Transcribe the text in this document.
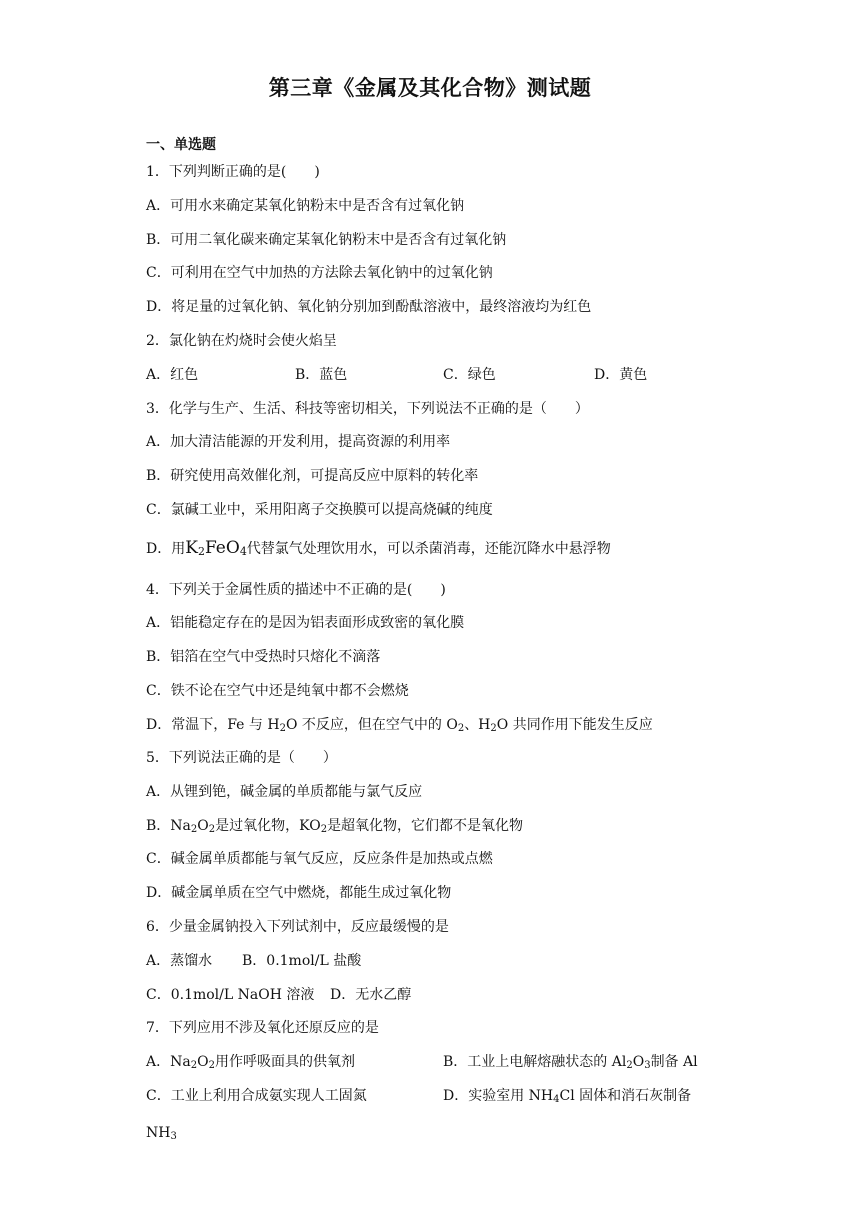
第三章《金属及其化合物》测试题
一、单选题
1．下列判断正确的是(　　)
A．可用水来确定某氧化钠粉末中是否含有过氧化钠
B．可用二氧化碳来确定某氧化钠粉末中是否含有过氧化钠
C．可利用在空气中加热的方法除去氧化钠中的过氧化钠
D．将足量的过氧化钠、氧化钠分别加到酚酞溶液中，最终溶液均为红色
2．氯化钠在灼烧时会使火焰呈
A．红色	B．蓝色	C．绿色	D．黄色
3．化学与生产、生活、科技等密切相关，下列说法不正确的是（　　）
A．加大清洁能源的开发利用，提高资源的利用率
B．研究使用高效催化剂，可提高反应中原料的转化率
C．氯碱工业中，采用阳离子交换膜可以提高烧碱的纯度
D．用$K_2FeO_4$代替氯气处理饮用水，可以杀菌消毒，还能沉降水中悬浮物
4．下列关于金属性质的描述中不正确的是(　　)
A．铝能稳定存在的是因为铝表面形成致密的氧化膜
B．铝箔在空气中受热时只熔化不滴落
C．铁不论在空气中还是纯氧中都不会燃烧
D．常温下，Fe 与 $H_2O$ 不反应，但在空气中的 $O_2$、$H_2O$ 共同作用下能发生反应
5．下列说法正确的是（　　）
A．从锂到铯，碱金属的单质都能与氯气反应
B．$Na_2O_2$是过氧化物，$KO_2$是超氧化物，它们都不是氧化物
C．碱金属单质都能与氧气反应，反应条件是加热或点燃
D．碱金属单质在空气中燃烧，都能生成过氧化物
6．少量金属钠投入下列试剂中，反应最缓慢的是
A．蒸馏水 B．0.1mol/L 盐酸
C．0.1mol/L NaOH 溶液 D．无水乙醇
7．下列应用不涉及氧化还原反应的是
A．$Na_2O_2$用作呼吸面具的供氧剂	B．工业上电解熔融状态的 $Al_2O_3$制备 Al
C．工业上利用合成氨实现人工固氮	D．实验室用 $NH_4Cl$ 固体和消石灰制备
$NH_3$
